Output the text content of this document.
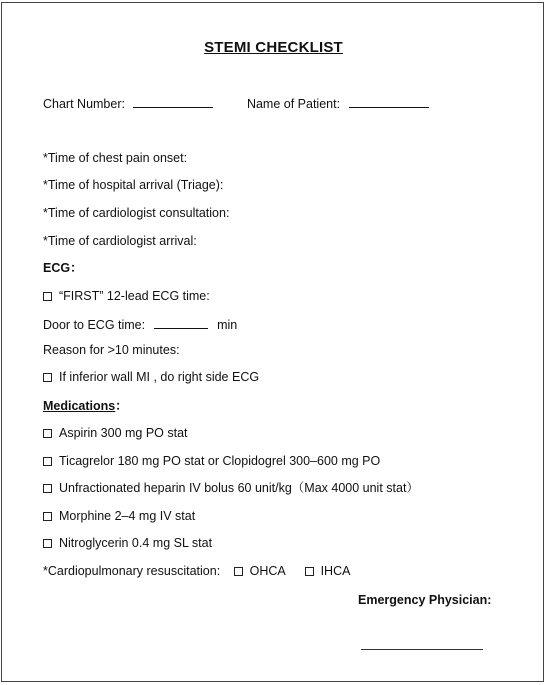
STEMI CHECKLIST
Chart Number:	Name of Patient:
*Time of chest pain onset:
*Time of hospital arrival (Triage):
*Time of cardiologist consultation:
*Time of cardiologist arrival:
ECG：
“FIRST” 12-lead ECG time:
Door to ECG time:	min
Reason for >10 minutes:
If inferior wall MI , do right side ECG
Medications：
Aspirin 300 mg PO stat
Ticagrelor 180 mg PO stat or Clopidogrel 300–600 mg PO
Unfractionated heparin IV bolus 60 unit/kg（Max 4000 unit stat）
Morphine 2–4 mg IV stat
Nitroglycerin 0.4 mg SL stat
*Cardiopulmonary resuscitation: OHCA	IHCA
Emergency Physician:
